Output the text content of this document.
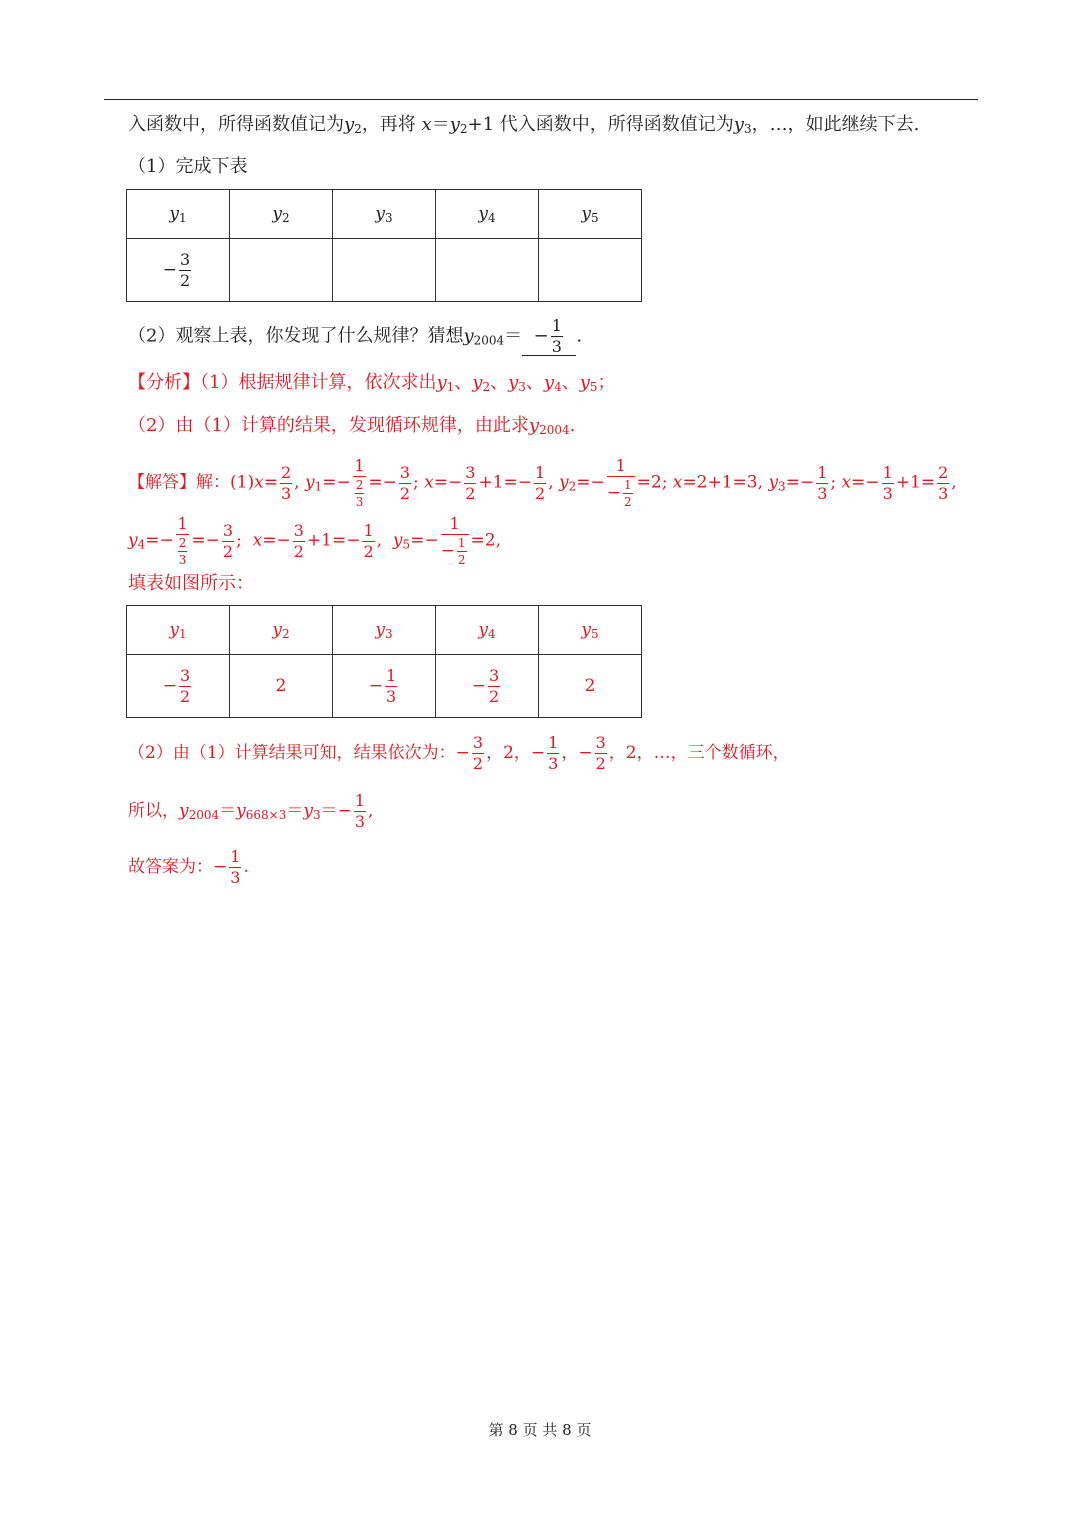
入函数中，所得函数值记为$y_2$，再将 $x=y_2+1$ 代入函数中，所得函数值记为$y_3$，…，如此继续下去.
（1）完成下表
$y_1$	$y_2$	$y_3$	$y_4$	$y_5$
− $\frac{3}{2}$

（2）观察上表，你发现了什么规律？猜想$y_{2004}= - \frac{1}{3}$ .
【分析】（1）根据规律计算，依次求出$y_1$、$y_2$、$y_3$、$y_4$、$y_5$；
（2）由（1）计算的结果，发现循环规律，由此求$y_{2004}$.
【解答】解：$(1)x= \frac{2}{3}$ , $y_1=- \frac{1}{\frac{2}{3}} =- \frac{3}{2}$ ; $x=- \frac{3}{2} +1=- \frac{1}{2}$ , $y_2=- \frac{1}{- \frac{1}{2}} =2$; x=2+1=3, $y_3=- \frac{1}{3}$ ; $x=- \frac{1}{3} +1= \frac{2}{3}$ ,
$y_4=- \frac{1}{\frac{2}{3}} =- \frac{3}{2}$ ; $x=- \frac{3}{2} +1=- \frac{1}{2}$ , $y_5=- \frac{1}{- \frac{1}{2}} =2$,
填表如图所示：
$y_1$	$y_2$	$y_3$	$y_4$	$y_5$
− $\frac{3}{2}$	2	− $\frac{1}{3}$	− $\frac{3}{2}$	2
（2）由（1）计算结果可知，结果依次为：− $\frac{3}{2}$ ，2，− $\frac{1}{3}$ ，− $\frac{3}{2}$ ，2，…，三个数循环，
所以，$y_{2004}=y_{668\times 3}=y_3=- \frac{1}{3}$ ,
故答案为：− $\frac{1}{3}$ .
第 8 页 共 8 页
